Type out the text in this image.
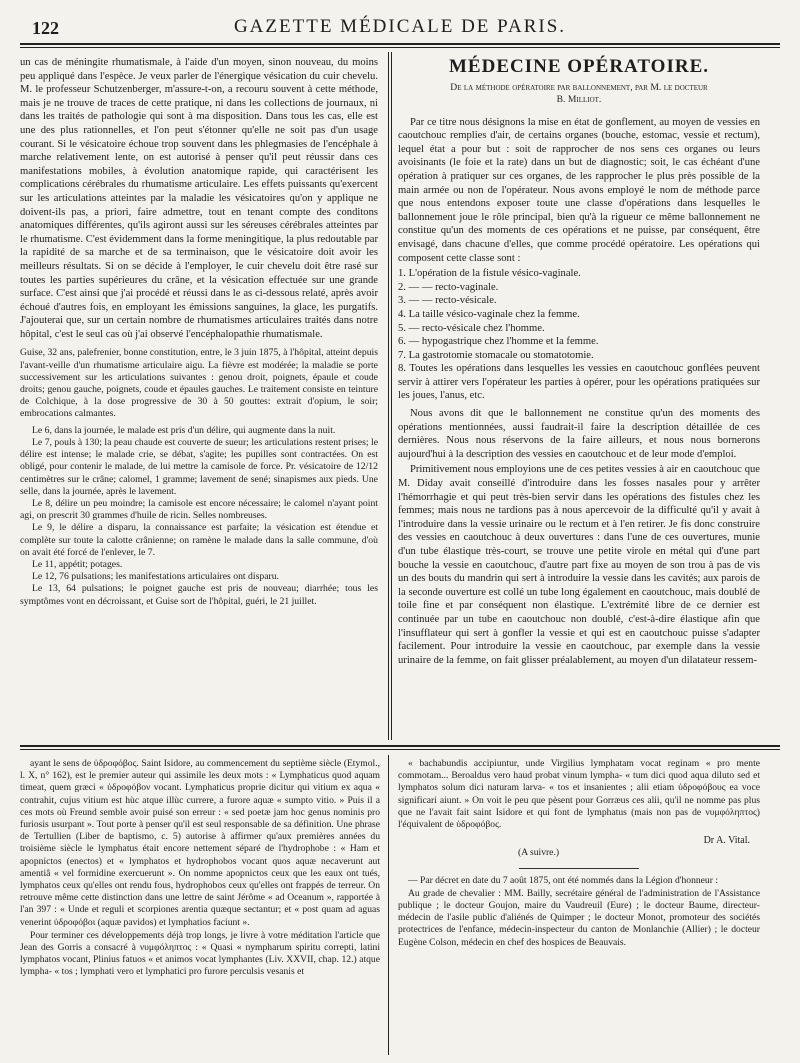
122	GAZETTE MÉDICALE DE PARIS.

un cas de méningite rhumatismale, à l'aide d'un moyen, sinon nouveau, du moins peu appliqué dans l'espèce. Je veux parler de l'énergique vésication du cuir chevelu. M. le professeur Schutzenberger, m'assure-t-on, a recouru souvent à cette méthode, mais je ne trouve de traces de cette pratique, ni dans les collections de journaux, ni dans les traités de pathologie qui sont à ma disposition. Dans tous les cas, elle est une des plus rationnelles, et l'on peut s'étonner qu'elle ne soit pas d'un usage courant. Si le vésicatoire échoue trop souvent dans les phlegmasies de l'encéphale à marche relativement lente, on est autorisé à penser qu'il peut réussir dans ces manifestations mobiles, à évolution anatomique rapide, qui caractérisent les complications cérébrales du rhumatisme articulaire. Les effets puissants qu'exercent sur les articulations atteintes par la maladie les vésicatoires qu'on y applique ne doivent-ils pas, a priori, faire admettre, tout en tenant compte des conditons anatomiques différentes, qu'ils agiront aussi sur les séreuses cérébrales atteintes par le rhumatisme. C'est évidemment dans la forme meningitique, la plus redoutable par la rapidité de sa marche et de sa terminaison, que le vésicatoire doit avoir les meilleurs résultats. Si on se décide à l'employer, le cuir chevelu doit être rasé sur toutes les parties supérieures du crâne, et la vésication effectuée sur une grande surface. C'est ainsi que j'ai procédé et réussi dans le as ci-dessous relaté, après avoir échoué d'autres fois, en employant les émissions sanguines, la glace, les purgatifs. J'ajouterai que, sur un certain nombre de rhumatismes articulaires traités dans notre hôpital, c'est le seul cas où j'ai observé l'encéphalopathie rhumatismale.

Guise, 32 ans, palefrenier, bonne constitution, entre, le 3 juin 1875, à l'hôpital, atteint depuis l'avant-veille d'un rhumatisme articulaire aigu. La fièvre est modérée; la maladie se porte successivement sur les articulations suivantes : genou droit, poignets, épaule et coude droits; genou gauche, poignets, coude et épaules gauches. Le traitement consiste en teinture de Colchique, à la dose progressive de 30 à 50 gouttes: extrait d'opium, le soir; embrocations calmantes.

Le 6, dans la journée, le malade est pris d'un délire, qui augmente dans la nuit.

Le 7, pouls à 130; la peau chaude est couverte de sueur; les articulations restent prises; le délire est intense; le malade crie, se débat, s'agite; les pupilles sont contractées. On est obligé, pour contenir le malade, de lui mettre la camisole de force. Pr. vésicatoire de 12/12 centimètres sur le crâne; calomel, 1 gramme; lavement de sené; sinapismes aux pieds. Une selle, dans la journée, après le lavement.

Le 8, délire un peu moindre; la camisole est encore nécessaire; le calomel n'ayant point agi, on prescrit 30 grammes d'huile de ricin. Selles nombreuses.

Le 9, le délire a disparu, la connaissance est parfaite; la vésication est étendue et complète sur toute la calotte crânienne; on ramène le malade dans la salle commune, d'où on avait été forcé de l'enlever, le 7.

Le 11, appétit; potages.

Le 12, 76 pulsations; les manifestations articulaires ont disparu.

Le 13, 64 pulsations; le poignet gauche est pris de nouveau; diarrhée; tous les symptômes vont en décroissant, et Guise sort de l'hôpital, guéri, le 21 juillet.

MÉDECINE OPÉRATOIRE.
De la méthode opératoire par ballonnement, par M. le docteur
B. Milliot.

Par ce titre nous désignons la mise en état de gonflement, au moyen de vessies en caoutchouc remplies d'air, de certains organes (bouche, estomac, vessie et rectum), lequel état a pour but : soit de rapprocher de nos sens ces organes ou leurs avoisinants (le foie et la rate) dans un but de diagnostic; soit, le cas échéant d'une opération à pratiquer sur ces organes, de les rapprocher le plus près possible de la main armée ou non de l'opérateur. Nous avons employé le nom de méthode parce que nous entendons exposer toute une classe d'opérations dans lesquelles le ballonnement joue le rôle principal, bien qu'à la rigueur ce même ballonnement ne constitue qu'un des moments de ces opérations et ne puisse, par conséquent, être envisagé, dans chacune d'elles, que comme procédé opératoire. Les opérations qui composent cette classe sont :

1. L'opération de la fistule vésico-vaginale.
2. — — recto-vaginale.
3. — — recto-vésicale.
4. La taille vésico-vaginale chez la femme.
5. — recto-vésicale chez l'homme.
6. — hypogastrique chez l'homme et la femme.
7. La gastrotomie stomacale ou stomatotomie.
8. Toutes les opérations dans lesquelles les vessies en caoutchouc gonflées peuvent servir à attirer vers l'opérateur les parties à opérer, pour les opérations pratiquées sur les joues, l'anus, etc.

Nous avons dit que le ballonnement ne constitue qu'un des moments des opérations mentionnées, aussi faudrait-il faire la description détaillée de ces dernières. Nous nous réservons de la faire ailleurs, et nous nous bornerons aujourd'hui à la description des vessies en caoutchouc et de leur mode d'emploi.

Primitivement nous employions une de ces petites vessies à air en caoutchouc que M. Diday avait conseillé d'introduire dans les fosses nasales pour y arrêter l'hémorrhagie et qui peut très-bien servir dans les opérations des fistules chez les femmes; mais nous ne tardions pas à nous apercevoir de la difficulté qu'il y avait à l'introduire dans la vessie urinaire ou le rectum et à l'en retirer. Je fis donc construire des vessies en caoutchouc à deux ouvertures : dans l'une de ces ouvertures, munie d'un tube élastique très-court, se trouve une petite virole en métal qui d'une part bouche la vessie en caoutchouc, d'autre part fixe au moyen de son trou à pas de vis un des bouts du mandrin qui sert à introduire la vessie dans les cavités; aux parois de la seconde ouverture est collé un tube long également en caoutchouc, mais doublé de toile fine et par conséquent non élastique. L'extrémité libre de ce dernier est continuée par un tube en caoutchouc non doublé, c'est-à-dire élastique afin que l'insufflateur qui sert à gonfler la vessie et qui est en caoutchouc puisse s'adapter facilement. Pour introduire la vessie en caoutchouc, par exemple dans la vessie urinaire de la femme, on fait glisser préalablement, au moyen d'un dilatateur ressem-

ayant le sens de ὑδροφόβος. Saint Isidore, au commencement du septième siècle (Etymol., l. X, n° 162), est le premier auteur qui assimile les deux mots : « Lymphaticus quod aquam timeat, quem græci « ὑδροφόβον vocant. Lymphaticus proprie dicitur qui vitium ex aqua « contrahit, cujus vitium est hùc atque illùc currere, a furore aquæ « sumpto vitio. » Puis il a ces mots où Freund semble avoir puisé son erreur : « sed poetæ jam hoc genus nominis pro furiosis usurpant ». Tout porte à penser qu'il est seul responsable de sa définition. Une phrase de Tertullien (Liber de baptismo, c. 5) autorise à affirmer qu'aux premières années du troisième siècle le lymphatus était encore nettement séparé de l'hydrophobe : « Ham et apopnictos (enectos) et « lymphatos et hydrophobos vocant quos aquæ necaverunt aut amentiâ « vel formidine exercuerunt ». On nomme apopnictos ceux que les eaux ont tués, lymphatos ceux qu'elles ont rendu fous, hydrophobos ceux qu'elles ont frappés de terreur. On retrouve même cette distinction dans une lettre de saint Jérôme « ad Oceanum », rapportée à l'an 397 : « Unde et reguli et scorpiones arentia quæque sectantur; et « post quam ad aguas venerint ὑδροφόβοι (aquæ pavidos) et lymphatios faciunt ».

Pour terminer ces développements déjà trop longs, je livre à votre méditation l'article que Jean des Gorris a consacré à νυμφόληπτος : « Quasi « nympharum spiritu correpti, latini lymphatos vocant, Plinius fatuos « et animos vocat lymphantes (Liv. XXVII, chap. 12.) atque lympha- « tos ; lymphati vero et lymphatici pro furore perculsis vesanis et

« bachabundis accipiuntur, unde Virgilius lymphatam vocat reginam « pro mente commotam... Beroaldus vero haud probat vinum lympha- « tum dici quod aqua diluto sed et lymphatos solum dici naturam larva- « tos et insanientes ; alii etiam ὑδροφόβους ea voce significari aiunt. » On voit le peu que pèsent pour Gorræus ces alii, qu'il ne nomme pas plus que ne l'avait fait saint Isidore et qui font de lymphatus (mais non pas de νυμφόληπτος) l'équivalent de ὑδροφόβος.

Dr A. Vital.
(A suivre.)

— Par décret en date du 7 août 1875, ont été nommés dans la Légion d'honneur :

Au grade de chevalier : MM. Bailly, secrétaire général de l'administration de l'Assistance publique ; le docteur Goujon, maire du Vaudreuil (Eure) ; le docteur Baume, directeur-médecin de l'asile public d'aliénés de Quimper ; le docteur Monot, promoteur des sociétés protectrices de l'enfance, médecin-inspecteur du canton de Monlanchie (Allier) ; le docteur Eugène Colson, médecin en chef des hospices de Beauvais.
